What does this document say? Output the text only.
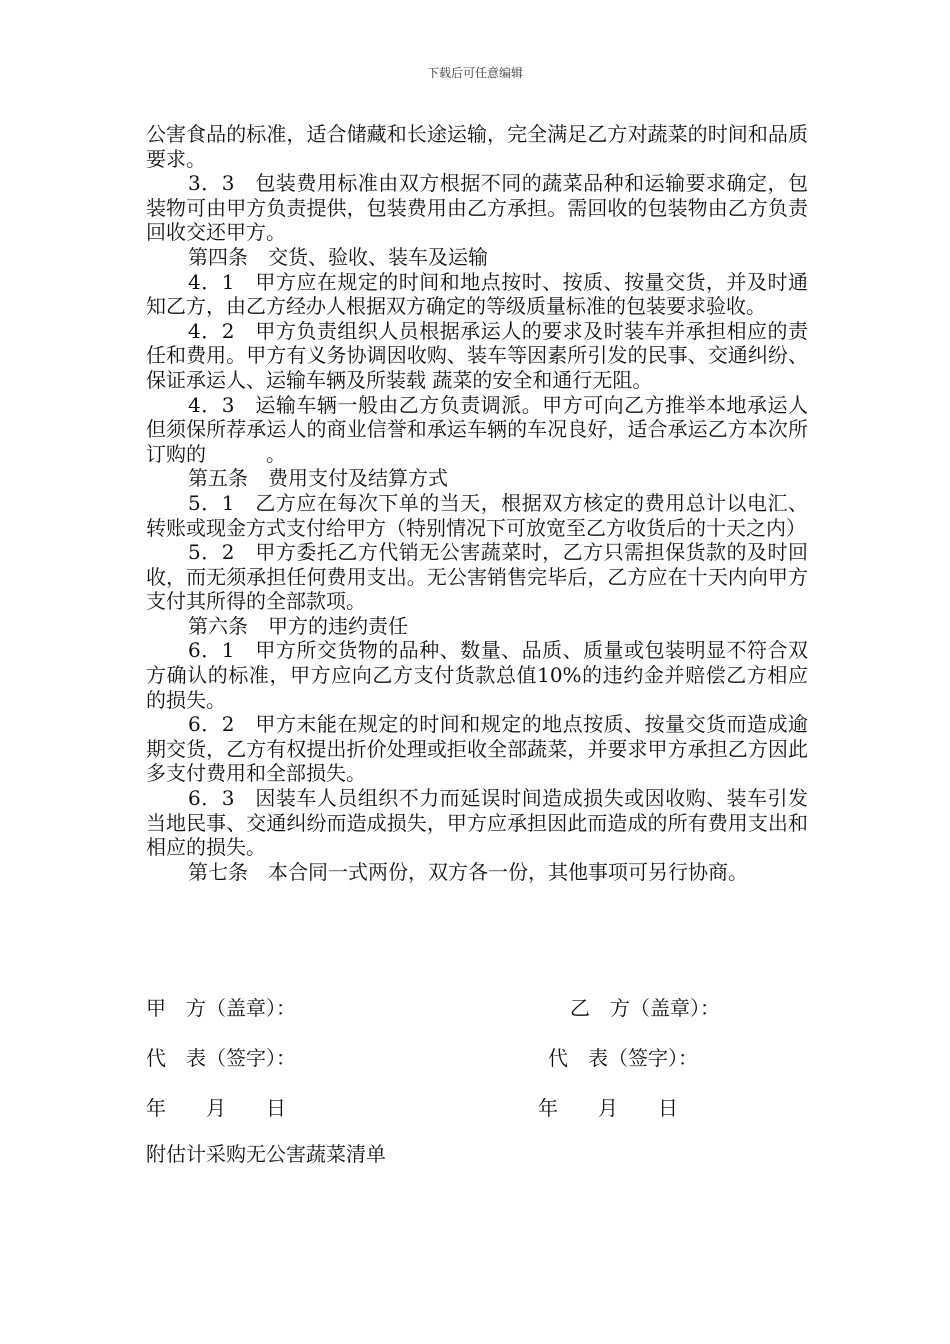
下载后可任意编辑

公害食品的标准，适合储藏和长途运输，完全满足乙方对蔬菜的时间和品质要求。

3．3　包装费用标准由双方根据不同的蔬菜品种和运输要求确定，包装物可由甲方负责提供，包装费用由乙方承担。需回收的包装物由乙方负责回收交还甲方。

第四条　交货、验收、装车及运输

4．1　甲方应在规定的时间和地点按时、按质、按量交货，并及时通知乙方，由乙方经办人根据双方确定的等级质量标准的包装要求验收。

4．2　甲方负责组织人员根据承运人的要求及时装车并承担相应的责任和费用。甲方有义务协调因收购、装车等因素所引发的民事、交通纠纷、保证承运人、运输车辆及所装载 蔬菜的安全和通行无阻。

4．3　运输车辆一般由乙方负责调派。甲方可向乙方推举本地承运人但须保所荐承运人的商业信誉和承运车辆的车况良好，适合承运乙方本次所订购的　　　。

第五条　费用支付及结算方式

5．1　乙方应在每次下单的当天，根据双方核定的费用总计以电汇、转账或现金方式支付给甲方（特别情况下可放宽至乙方收货后的十天之内）

5．2　甲方委托乙方代销无公害蔬菜时，乙方只需担保货款的及时回收，而无须承担任何费用支出。无公害销售完毕后，乙方应在十天内向甲方支付其所得的全部款项。

第六条　甲方的违约责任

6．1　甲方所交货物的品种、数量、品质、质量或包装明显不符合双方确认的标准，甲方应向乙方支付货款总值10%的违约金并赔偿乙方相应的损失。

6．2　甲方末能在规定的时间和规定的地点按质、按量交货而造成逾期交货，乙方有权提出折价处理或拒收全部蔬菜，并要求甲方承担乙方因此多支付费用和全部损失。

6．3　因装车人员组织不力而延误时间造成损失或因收购、装车引发当地民事、交通纠纷而造成损失，甲方应承担因此而造成的所有费用支出和相应的损失。

第七条　本合同一式两份，双方各一份，其他事项可另行协商。

甲　方（盖章）：	乙　方（盖章）：
代　表（签字）：	代　表（签字）：
年　　月　　日	年　　月　　日
附估计采购无公害蔬菜清单
